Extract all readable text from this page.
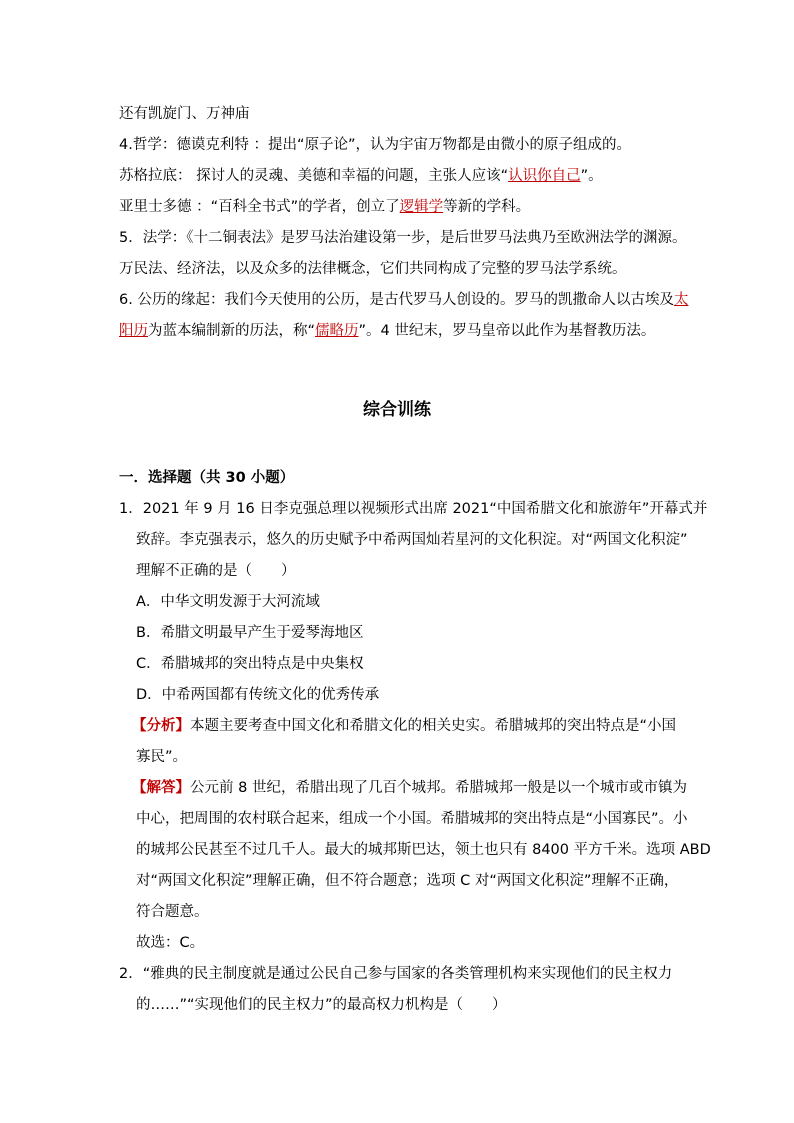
还有凯旋门、万神庙
4.哲学：德谟克利特 ：提出“原子论”，认为宇宙万物都是由微小的原子组成的。
苏格拉底： 探讨人的灵魂、美德和幸福的问题，主张人应该“认识你自己”。
亚里士多德 ：“百科全书式”的学者，创立了逻辑学等新的学科。
5．法学：《十二铜表法》是罗马法治建设第一步，是后世罗马法典乃至欧洲法学的渊源。
万民法、经济法，以及众多的法律概念，它们共同构成了完整的罗马法学系统。
6. 公历的缘起：我们今天使用的公历，是古代罗马人创设的。罗马的凯撒命人以古埃及太
阳历为蓝本编制新的历法，称“儒略历”。4 世纪末，罗马皇帝以此作为基督教历法。
综合训练
一．选择题（共 30 小题）
1．2021 年 9 月 16 日李克强总理以视频形式出席 2021“中国希腊文化和旅游年”开幕式并
致辞。李克强表示，悠久的历史赋予中希两国灿若星河的文化积淀。对“两国文化积淀”
理解不正确的是（　　）
A．中华文明发源于大河流域
B．希腊文明最早产生于爱琴海地区
C．希腊城邦的突出特点是中央集权
D．中希两国都有传统文化的优秀传承
【分析】本题主要考查中国文化和希腊文化的相关史实。希腊城邦的突出特点是“小国
寡民”。
【解答】公元前 8 世纪，希腊出现了几百个城邦。希腊城邦一般是以一个城市或市镇为
中心，把周围的农村联合起来，组成一个小国。希腊城邦的突出特点是“小国寡民”。小
的城邦公民甚至不过几千人。最大的城邦斯巴达，领土也只有 8400 平方千米。选项 ABD
对“两国文化积淀”理解正确，但不符合题意；选项 C 对“两国文化积淀”理解不正确，
符合题意。
故选：C。
2．“雅典的民主制度就是通过公民自己参与国家的各类管理机构来实现他们的民主权力
的……”“实现他们的民主权力”的最高权力机构是（　　）
